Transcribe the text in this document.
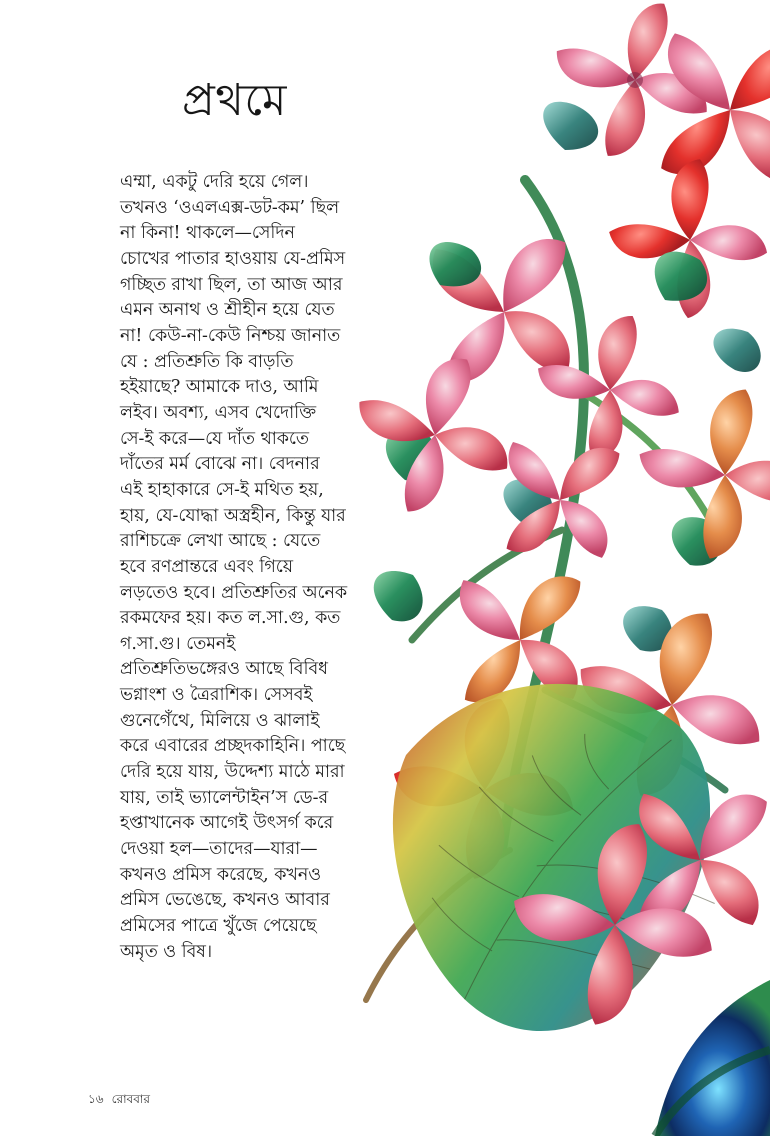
প্রথমে

এম্মা, একটু দেরি হয়ে গেল।
তখনও ‘ওএলএক্স-ডট-কম’ ছিল
না কিনা! থাকলে—সেদিন
চোখের পাতার হাওয়ায় যে-প্রমিস
গচ্ছিত রাখা ছিল, তা আজ আর
এমন অনাথ ও শ্রীহীন হয়ে যেত
না! কেউ-না-কেউ নিশ্চয় জানাত
যে : প্রতিশ্রুতি কি বাড়তি
হইয়াছে? আমাকে দাও, আমি
লইব। অবশ্য, এসব খেদোক্তি
সে-ই করে—যে দাঁত থাকতে
দাঁতের মর্ম বোঝে না। বেদনার
এই হাহাকারে সে-ই মথিত হয়,
হায়, যে-যোদ্ধা অস্ত্রহীন, কিন্তু যার
রাশিচক্রে লেখা আছে : যেতে
হবে রণপ্রান্তরে এবং গিয়ে
লড়তেও হবে। প্রতিশ্রুতির অনেক
রকমফের হয়। কত ল.সা.গু, কত
গ.সা.গু। তেমনই
প্রতিশ্রুতিভঙ্গেরও আছে বিবিধ
ভগ্নাংশ ও ত্রৈরাশিক। সেসবই
গুনেগেঁথে, মিলিয়ে ও ঝালাই
করে এবারের প্রচ্ছদকাহিনি। পাছে
দেরি হয়ে যায়, উদ্দেশ্য মাঠে মারা
যায়, তাই ভ্যালেন্টাইন’স ডে-র
হপ্তাখানেক আগেই উৎসর্গ করে
দেওয়া হল—তাদের—যারা—
কখনও প্রমিস করেছে, কখনও
প্রমিস ভেঙেছে, কখনও আবার
প্রমিসের পাত্রে খুঁজে পেয়েছে
অমৃত ও বিষ।

১৬ রোববার
